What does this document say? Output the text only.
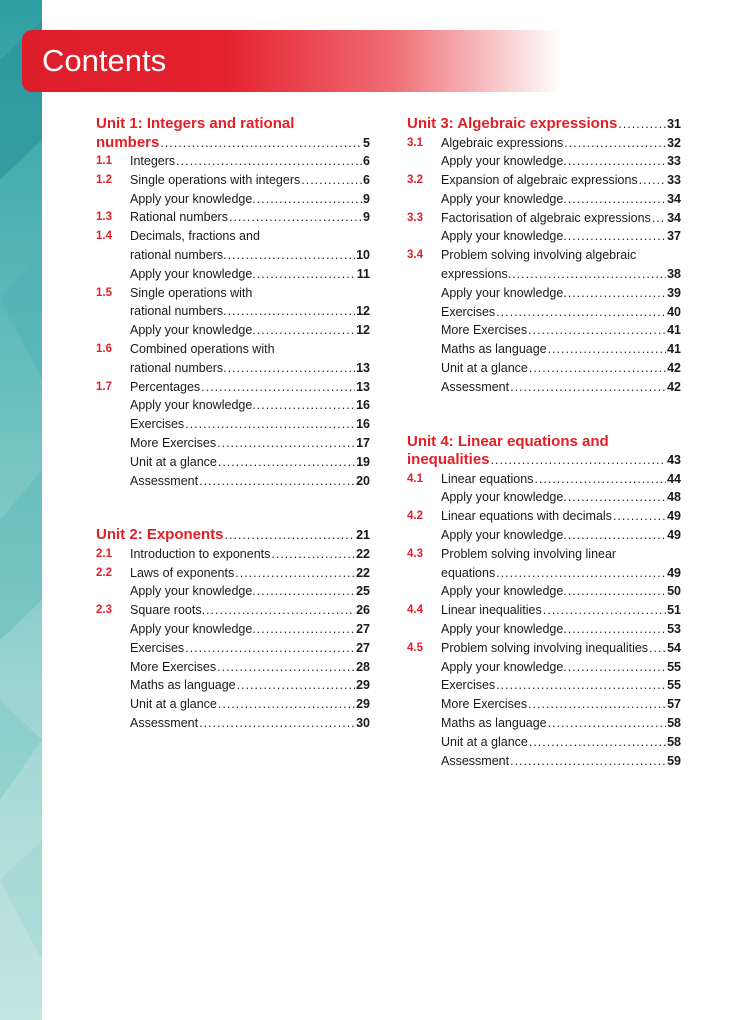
Contents
Unit 1: Integers and rational
numbers .....	5
1.1	Integers .....	6
1.2	Single operations with integers .....	6
Apply your knowledge. .....	9
1.3	Rational numbers .....	9
1.4	Decimals, fractions and
rational numbers. .....	10
Apply your knowledge. .....	11
1.5	Single operations with
rational numbers. .....	12
Apply your knowledge. .....	12
1.6	Combined operations with
rational numbers. .....	13
1.7	Percentages .....	13
Apply your knowledge. .....	16
Exercises .....	16
More Exercises .....	17
Unit at a glance .....	19
Assessment .....	20
Unit 2: Exponents .....	21
2.1	Introduction to exponents .....	22
2.2	Laws of exponents .....	22
Apply your knowledge. .....	25
2.3	Square roots. .....	26
Apply your knowledge. .....	27
Exercises .....	27
More Exercises .....	28
Maths as language .....	29
Unit at a glance .....	29
Assessment .....	30
Unit 3: Algebraic expressions .....	31
3.1	Algebraic expressions .....	32
Apply your knowledge. .....	33
3.2	Expansion of algebraic expressions ..... 33
Apply your knowledge. .....	34
3.3	Factorisation of algebraic expressions ..... 34
Apply your knowledge. .....	37
3.4	Problem solving involving algebraic
expressions. .....	38
Apply your knowledge. .....	39
Exercises .....	40
More Exercises .....	41
Maths as language .....	41
Unit at a glance .....	42
Assessment .....	42
Unit 4: Linear equations and
inequalities .....	43
4.1	Linear equations .....	44
Apply your knowledge. .....	48
4.2	Linear equations with decimals .....	49
Apply your knowledge. .....	49
4.3	Problem solving involving linear
equations .....	49
Apply your knowledge. .....	50
4.4	Linear inequalities .....	51
Apply your knowledge. .....	53
4.5	Problem solving involving inequalities ..... 54
Apply your knowledge. .....	55
Exercises .....	55
More Exercises .....	57
Maths as language .....	58
Unit at a glance .....	58
Assessment .....	59
